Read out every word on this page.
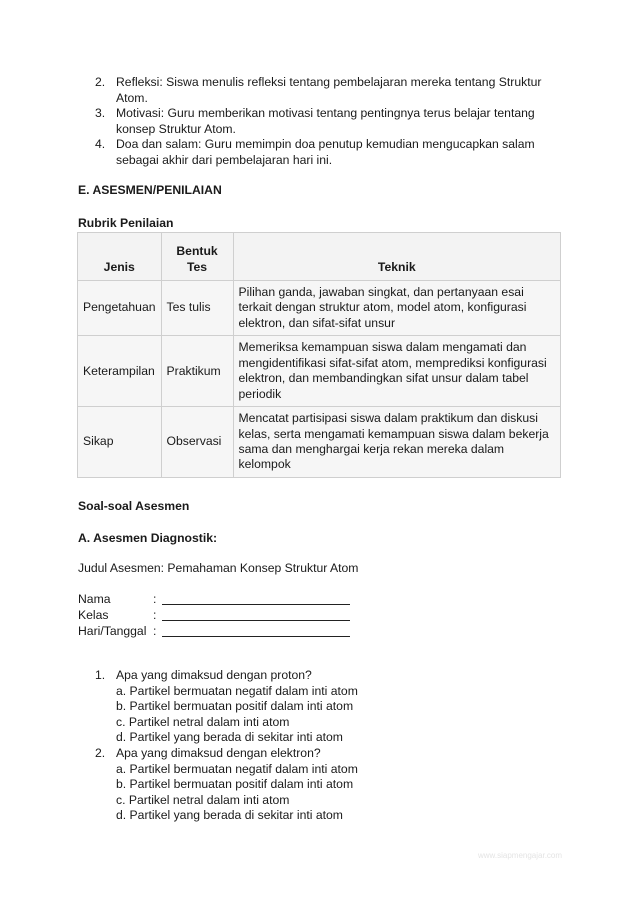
2. Refleksi: Siswa menulis refleksi tentang pembelajaran mereka tentang Struktur Atom.
3. Motivasi: Guru memberikan motivasi tentang pentingnya terus belajar tentang konsep Struktur Atom.
4. Doa dan salam: Guru memimpin doa penutup kemudian mengucapkan salam sebagai akhir dari pembelajaran hari ini.
E. ASESMEN/PENILAIAN
Rubrik Penilaian
Jenis	Bentuk Tes	Teknik
Pengetahuan	Tes tulis	Pilihan ganda, jawaban singkat, dan pertanyaan esai terkait dengan struktur atom, model atom, konfigurasi elektron, dan sifat-sifat unsur
Keterampilan	Praktikum	Memeriksa kemampuan siswa dalam mengamati dan mengidentifikasi sifat-sifat atom, memprediksi konfigurasi elektron, dan membandingkan sifat unsur dalam tabel periodik
Sikap	Observasi	Mencatat partisipasi siswa dalam praktikum dan diskusi kelas, serta mengamati kemampuan siswa dalam bekerja sama dan menghargai kerja rekan mereka dalam kelompok
Soal-soal Asesmen
A. Asesmen Diagnostik:
Judul Asesmen: Pemahaman Konsep Struktur Atom
Nama	:
Kelas	:
Hari/Tanggal :
1. Apa yang dimaksud dengan proton?
a. Partikel bermuatan negatif dalam inti atom
b. Partikel bermuatan positif dalam inti atom
c. Partikel netral dalam inti atom
d. Partikel yang berada di sekitar inti atom
2. Apa yang dimaksud dengan elektron?
a. Partikel bermuatan negatif dalam inti atom
b. Partikel bermuatan positif dalam inti atom
c. Partikel netral dalam inti atom
d. Partikel yang berada di sekitar inti atom
www.siapmengajar.com
